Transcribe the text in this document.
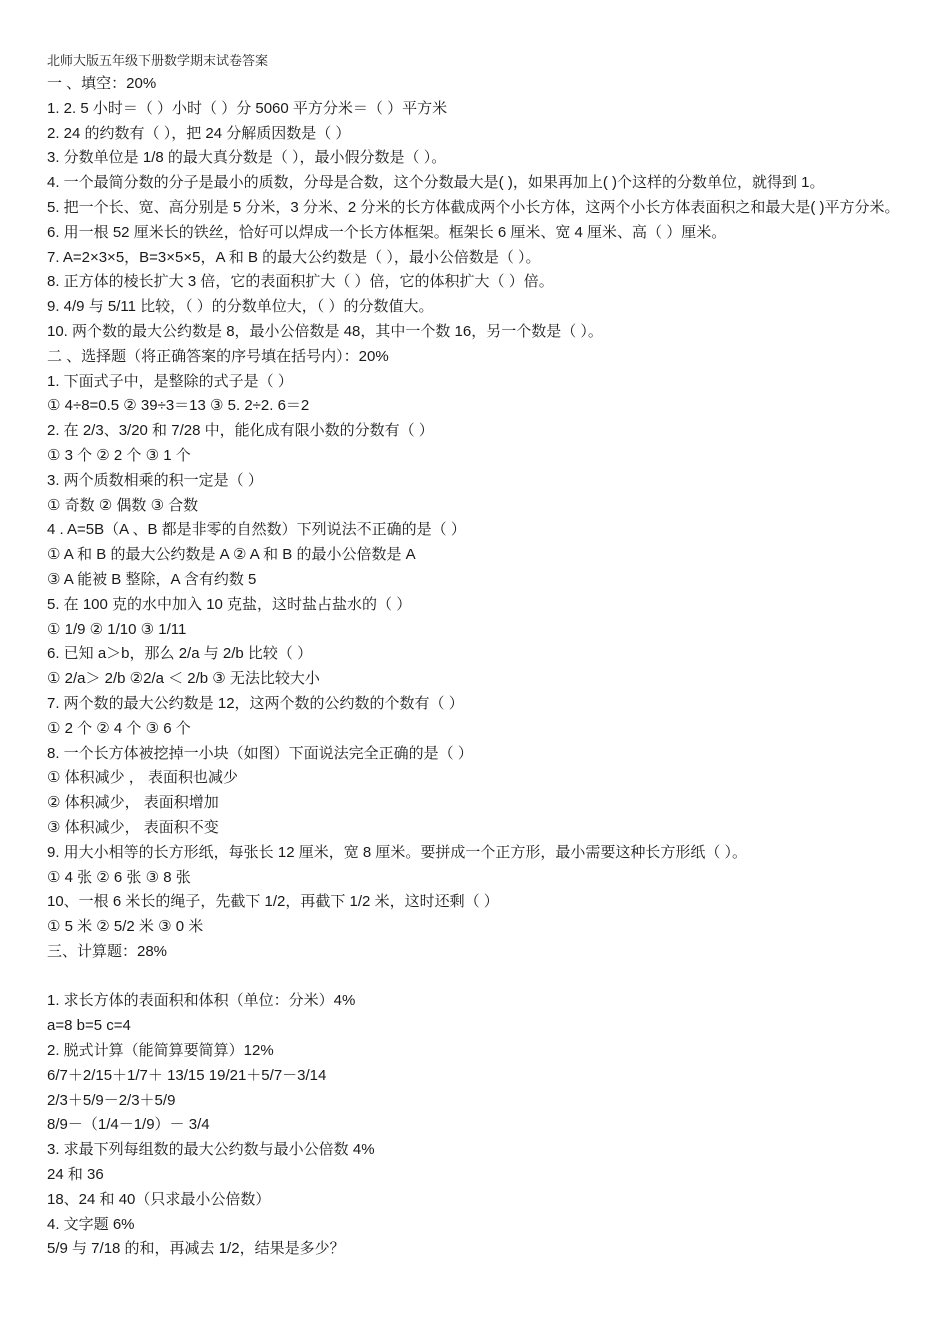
北师大版五年级下册数学期末试卷答案
一 、填空：20%
1. 2. 5 小时＝（ ）小时（ ）分 5060 平方分米＝（ ）平方米
2. 24 的约数有（ ），把 24 分解质因数是（ ）
3. 分数单位是 1/8 的最大真分数是（ ），最小假分数是（ ）。
4. 一个最简分数的分子是最小的质数，分母是合数，这个分数最大是( )，如果再加上( )个这样的分数单位，就得到 1。
5. 把一个长、宽、高分别是 5 分米，3 分米、2 分米的长方体截成两个小长方体，这两个小长方体表面积之和最大是( )平方分米。
6. 用一根 52 厘米长的铁丝，恰好可以焊成一个长方体框架。框架长 6 厘米、宽 4 厘米、高（ ）厘米。
7. A=2×3×5，B=3×5×5，A 和 B 的最大公约数是（ ），最小公倍数是（ ）。
8. 正方体的棱长扩大 3 倍，它的表面积扩大（ ）倍，它的体积扩大（ ）倍。
9. 4/9 与 5/11 比较，（ ）的分数单位大，（ ）的分数值大。
10. 两个数的最大公约数是 8，最小公倍数是 48，其中一个数 16，另一个数是（ ）。
二 、选择题（将正确答案的序号填在括号内）：20%
1. 下面式子中，是整除的式子是（ ）
① 4÷8=0.5 ② 39÷3＝13 ③ 5. 2÷2. 6＝2
2. 在 2/3、3/20 和 7/28 中，能化成有限小数的分数有（ ）
① 3 个 ② 2 个 ③ 1 个
3. 两个质数相乘的积一定是（ ）
① 奇数 ② 偶数 ③ 合数
4 . A=5B（A 、B 都是非零的自然数）下列说法不正确的是（ ）
① A 和 B 的最大公约数是 A ② A 和 B 的最小公倍数是 A
③ A 能被 B 整除，A 含有约数 5
5. 在 100 克的水中加入 10 克盐，这时盐占盐水的（ ）
① 1/9 ② 1/10 ③ 1/11
6. 已知 a＞b，那么 2/a 与 2/b 比较（ ）
① 2/a＞ 2/b ②2/a ＜ 2/b ③ 无法比较大小
7. 两个数的最大公约数是 12，这两个数的公约数的个数有（ ）
① 2 个 ② 4 个 ③ 6 个
8. 一个长方体被挖掉一小块（如图）下面说法完全正确的是（ ）
① 体积减少 ， 表面积也减少
② 体积减少， 表面积增加
③ 体积减少， 表面积不变
9. 用大小相等的长方形纸，每张长 12 厘米，宽 8 厘米。要拼成一个正方形，最小需要这种长方形纸（ ）。
① 4 张 ② 6 张 ③ 8 张
10、一根 6 米长的绳子，先截下 1/2，再截下 1/2 米，这时还剩（ ）
① 5 米 ② 5/2 米 ③ 0 米
三、计算题：28%
1. 求长方体的表面积和体积（单位：分米）4%
a=8 b=5 c=4
2. 脱式计算（能简算要简算）12%
6/7＋2/15＋1/7＋ 13/15 19/21＋5/7－3/14
2/3＋5/9－2/3＋5/9
8/9－（1/4－1/9）－ 3/4
3. 求最下列每组数的最大公约数与最小公倍数 4%
24 和 36
18、24 和 40（只求最小公倍数）
4. 文字题 6%
5/9 与 7/18 的和，再减去 1/2，结果是多少？
